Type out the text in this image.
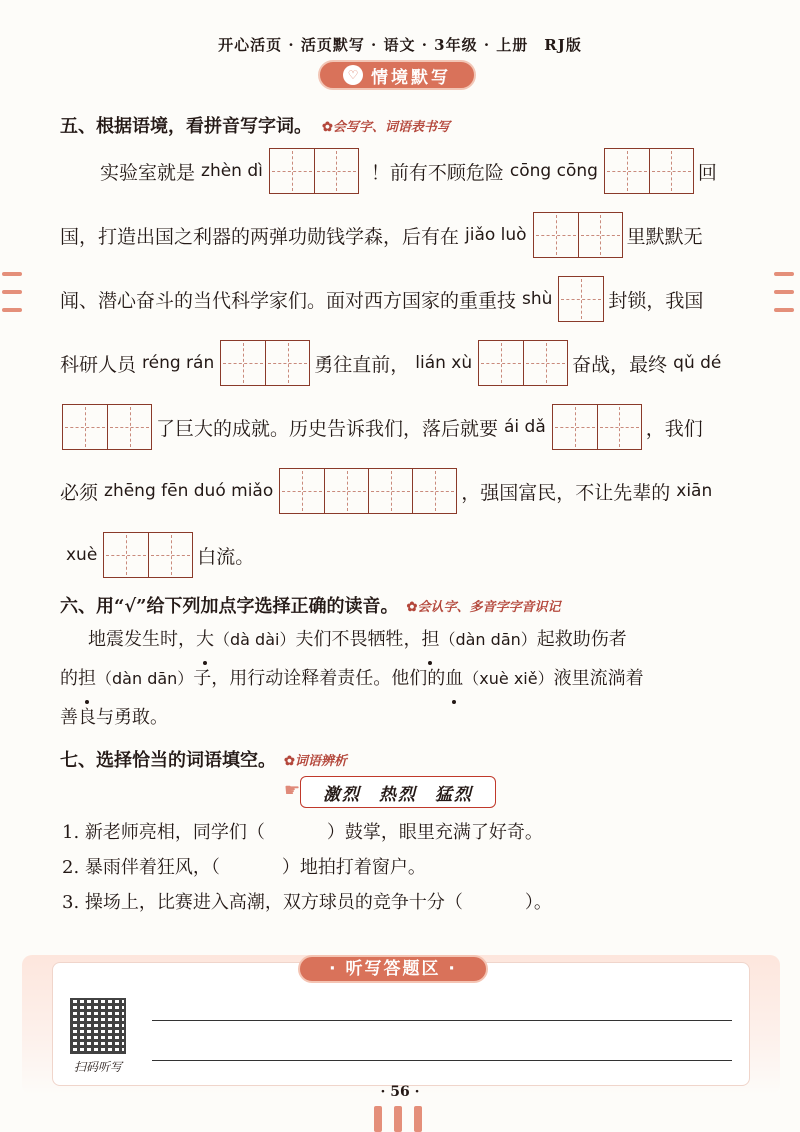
开心活页 · 活页默写 · 语文 · 3年级 · 上册　RJ版
♡ 情境默写
五、根据语境，看拼音写字词。 ✿会写字、词语表书写
实验室就是 zhèn dì	！前有不顾危险 cōng cōng	回
国，打造出国之利器的两弹功勋钱学森，后有在 jiǎo luò	里默默无
闻、潜心奋斗的当代科学家们。面对西方国家的重重技 shù	封锁，我国
科研人员 réng rán	勇往直前， lián xù	奋战，最终 qǔ dé
了巨大的成就。历史告诉我们，落后就要 ái dǎ	，我们
必须 zhēng fēn duó miǎo	，强国富民，不让先辈的 xiān
xuè	白流。
六、用“√”给下列加点字选择正确的读音。 ✿会认字、多音字字音识记
地震发生时，大（dà dài）夫们不畏牺牲，担（dàn dān）起救助伤者
的担（dàn dān）子，用行动诠释着责任。他们的血（xuè xiě）液里流淌着
善良与勇敢。
七、选择恰当的词语填空。 ✿词语辨析
☛	激烈 热烈 猛烈
1. 新老师亮相，同学们（	）鼓掌，眼里充满了好奇。
2. 暴雨伴着狂风，（	）地拍打着窗户。
3. 操场上，比赛进入高潮，双方球员的竞争十分（	）。
· 听写答题区 ·
扫码听写
· 56 ·
